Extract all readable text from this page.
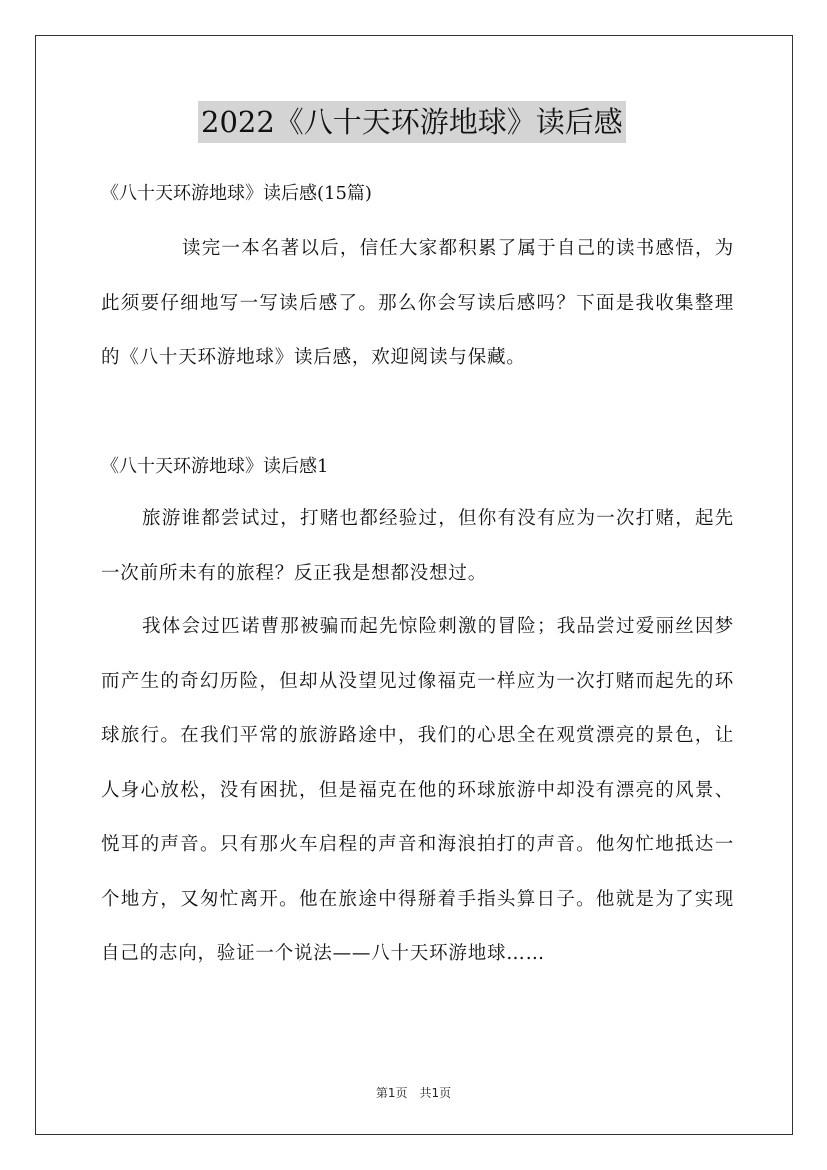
2022《八十天环游地球》读后感
《八十天环游地球》读后感(15篇)
读完一本名著以后，信任大家都积累了属于自己的读书感悟，为此须要仔细地写一写读后感了。那么你会写读后感吗？下面是我收集整理的《八十天环游地球》读后感，欢迎阅读与保藏。
《八十天环游地球》读后感1
旅游谁都尝试过，打赌也都经验过，但你有没有应为一次打赌，起先一次前所未有的旅程？反正我是想都没想过。
我体会过匹诺曹那被骗而起先惊险刺激的冒险；我品尝过爱丽丝因梦而产生的奇幻历险，但却从没望见过像福克一样应为一次打赌而起先的环球旅行。在我们平常的旅游路途中，我们的心思全在观赏漂亮的景色，让人身心放松，没有困扰，但是福克在他的环球旅游中却没有漂亮的风景、悦耳的声音。只有那火车启程的声音和海浪拍打的声音。他匆忙地抵达一个地方，又匆忙离开。他在旅途中得掰着手指头算日子。他就是为了实现自己的志向，验证一个说法——八十天环游地球……
第1页　共1页
